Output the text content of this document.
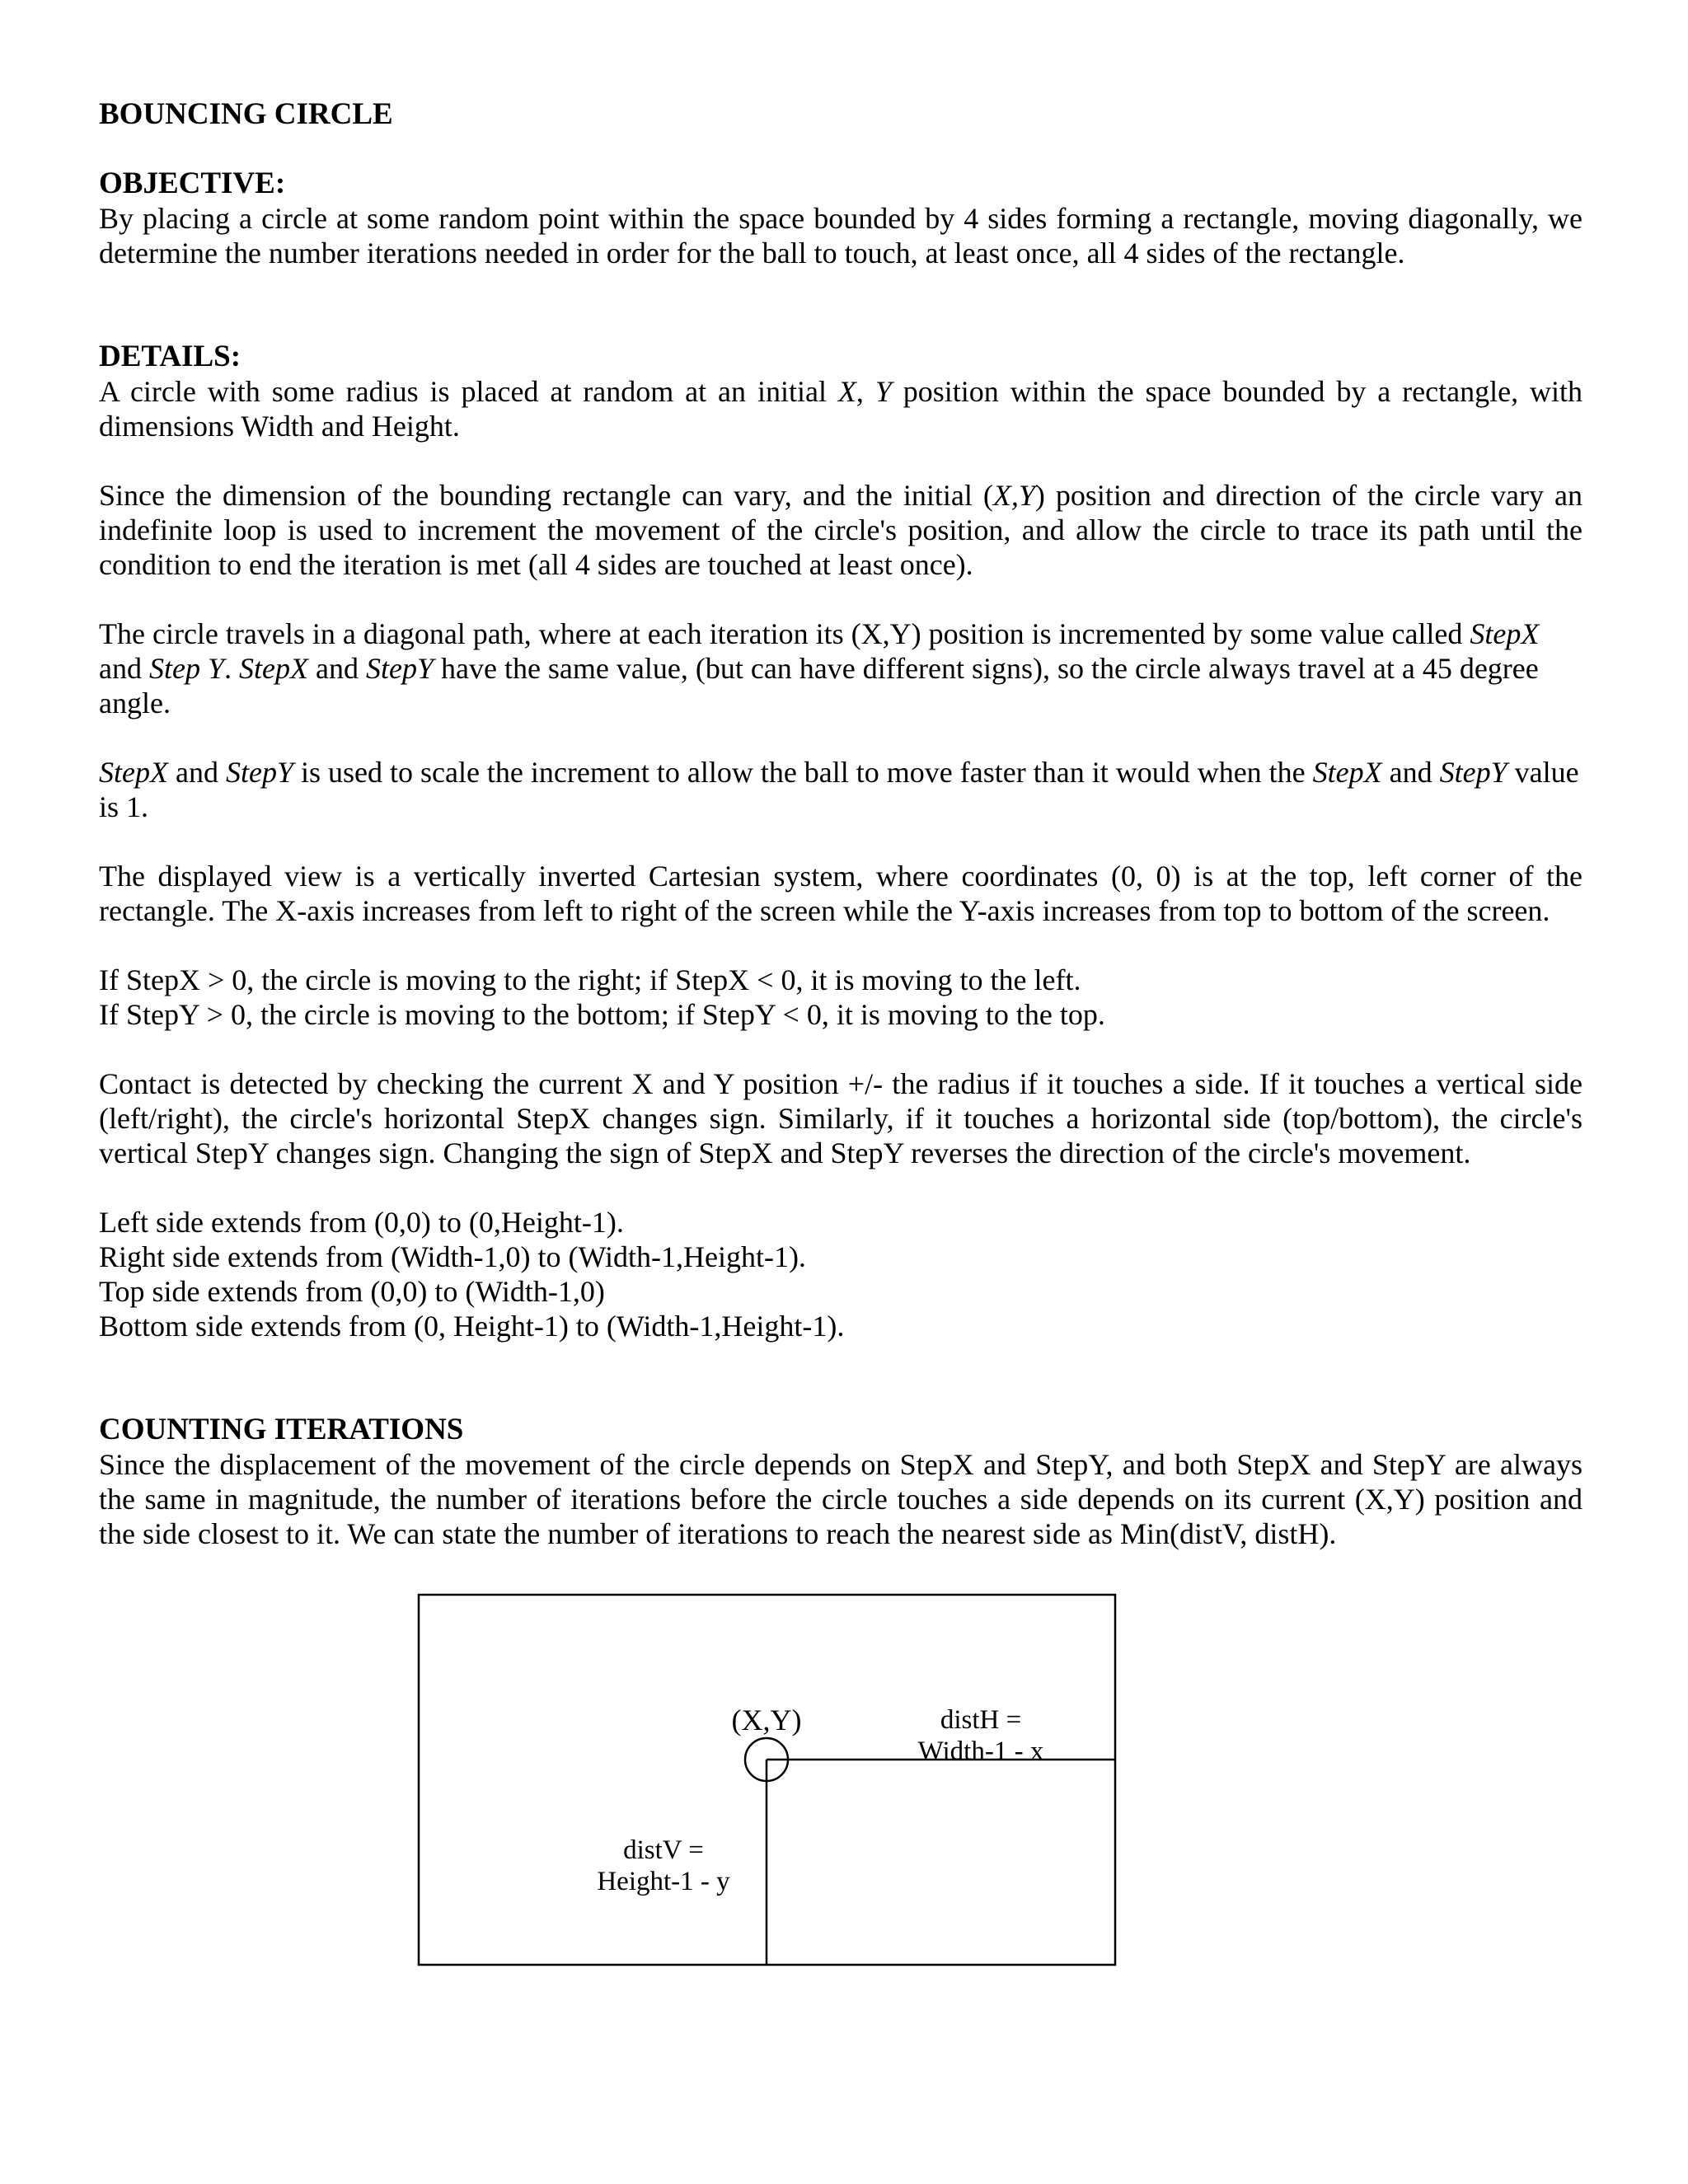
BOUNCING CIRCLE
OBJECTIVE:

By placing a circle at some random point within the space bounded by 4 sides forming a rectangle, moving diagonally, we determine the number iterations needed in order for the ball to touch, at least once, all 4 sides of the rectangle.

DETAILS:

A circle with some radius is placed at random at an initial X, Y position within the space bounded by a rectangle, with dimensions Width and Height.

Since the dimension of the bounding rectangle can vary, and the initial (X,Y) position and direction of the circle vary an indefinite loop is used to increment the movement of the circle's position, and allow the circle to trace its path until the condition to end the iteration is met (all 4 sides are touched at least once).

The circle travels in a diagonal path, where at each iteration its (X,Y) position is incremented by some value called StepX and Step Y. StepX and StepY have the same value, (but can have different signs), so the circle always travel at a 45 degree angle.

StepX and StepY is used to scale the increment to allow the ball to move faster than it would when the StepX and StepY value is 1.

The displayed view is a vertically inverted Cartesian system, where coordinates (0, 0) is at the top, left corner of the rectangle. The X-axis increases from left to right of the screen while the Y-axis increases from top to bottom of the screen.

If StepX > 0, the circle is moving to the right; if StepX < 0, it is moving to the left.
If StepY > 0, the circle is moving to the bottom; if StepY < 0, it is moving to the top.

Contact is detected by checking the current X and Y position +/- the radius if it touches a side. If it touches a vertical side (left/right), the circle's horizontal StepX changes sign. Similarly, if it touches a horizontal side (top/bottom), the circle's vertical StepY changes sign. Changing the sign of StepX and StepY reverses the direction of the circle's movement.

Left side extends from (0,0) to (0,Height-1).
Right side extends from (Width-1,0) to (Width-1,Height-1).
Top side extends from (0,0) to (Width-1,0)
Bottom side extends from (0, Height-1) to (Width-1,Height-1).

COUNTING ITERATIONS

Since the displacement of the movement of the circle depends on StepX and StepY, and both StepX and StepY are always the same in magnitude, the number of iterations before the circle touches a side depends on its current (X,Y) position and the side closest to it. We can state the number of iterations to reach the nearest side as Min(distV, distH).

(X,Y)	distH =
Width-1 - x
distV =
Height-1 - y
